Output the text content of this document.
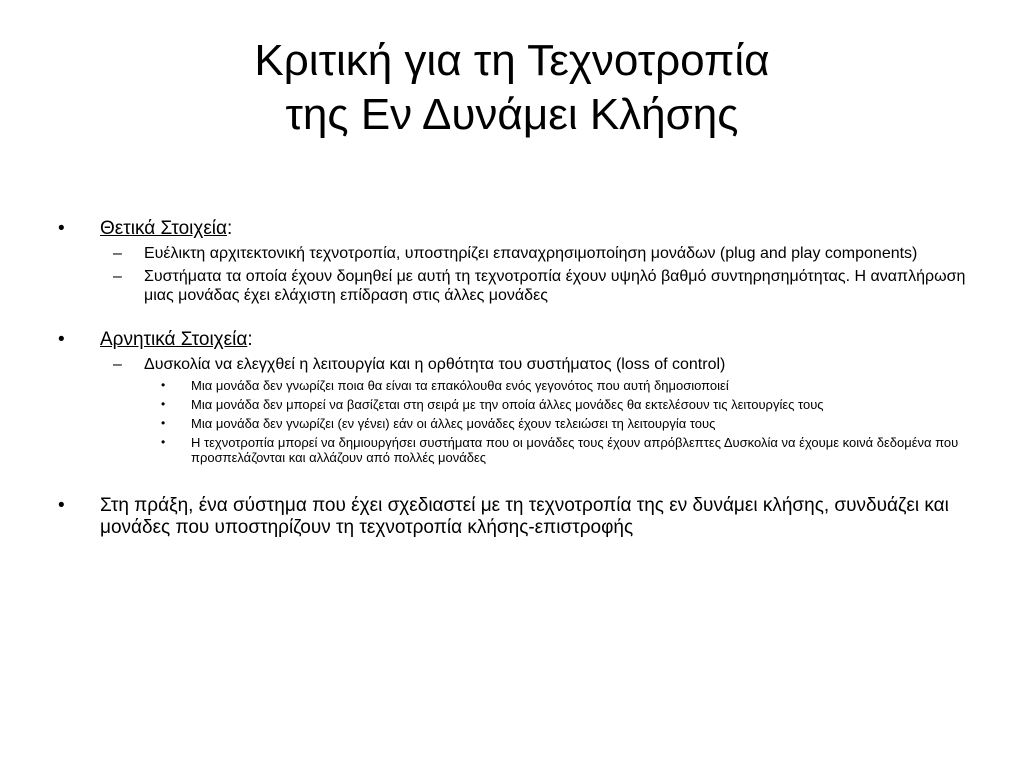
Κριτική για τη Τεχνοτροπία
της Εν Δυνάμει Κλήσης
• Θετικά Στοιχεία:
– Ευέλικτη αρχιτεκτονική τεχνοτροπία, υποστηρίζει επαναχρησιμοποίηση μονάδων (plug and play components)
– Συστήματα τα οποία έχουν δομηθεί με αυτή τη τεχνοτροπία έχουν υψηλό βαθμό συντηρησημότητας. Η αναπλήρωση μιας μονάδας έχει ελάχιστη επίδραση στις άλλες μονάδες
• Αρνητικά Στοιχεία:
– Δυσκολία να ελεγχθεί η λειτουργία και η ορθότητα του συστήματος (loss of control)
• Μια μονάδα δεν γνωρίζει ποια θα είναι τα επακόλουθα ενός γεγονότος που αυτή δημοσιοποιεί
• Μια μονάδα δεν μπορεί να βασίζεται στη σειρά με την οποία άλλες μονάδες θα εκτελέσουν τις λειτουργίες τους
• Μια μονάδα δεν γνωρίζει (εν γένει) εάν οι άλλες μονάδες έχουν τελειώσει τη λειτουργία τους
• Η τεχνοτροπία μπορεί να δημιουργήσει συστήματα που οι μονάδες τους έχουν απρόβλεπτες Δυσκολία να έχουμε κοινά δεδομένα που προσπελάζονται και αλλάζουν από πολλές μονάδες
• Στη πράξη, ένα σύστημα που έχει σχεδιαστεί με τη τεχνοτροπία της εν δυνάμει κλήσης, συνδυάζει και μονάδες που υποστηρίζουν τη τεχνοτροπία κλήσης-επιστροφής
